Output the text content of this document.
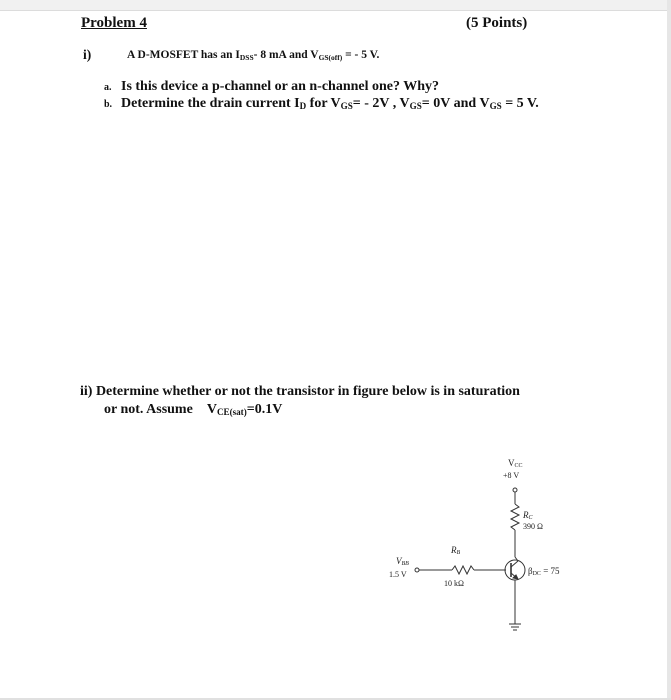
Problem 4	(5 Points)
i)	A D-MOSFET has an $I_{DSS}-$ 8 mA and $V_{GS(off)}$ = - 5 V.
a. Is this device a p-channel or an n-channel one? Why?
b. Determine the drain current $I_D$ for $V_{GS}= - 2V$ , $V_{GS}= 0V$ and $V_{GS} = 5$ V.
ii) Determine whether or not the transistor in figure below is in saturation
or not. Assume $V_{CE(sat)}=0.1V$
VCC
+8 V
RC
390 Ω
VBB
1.5 V
RB
10 kΩ
βDC = 75
